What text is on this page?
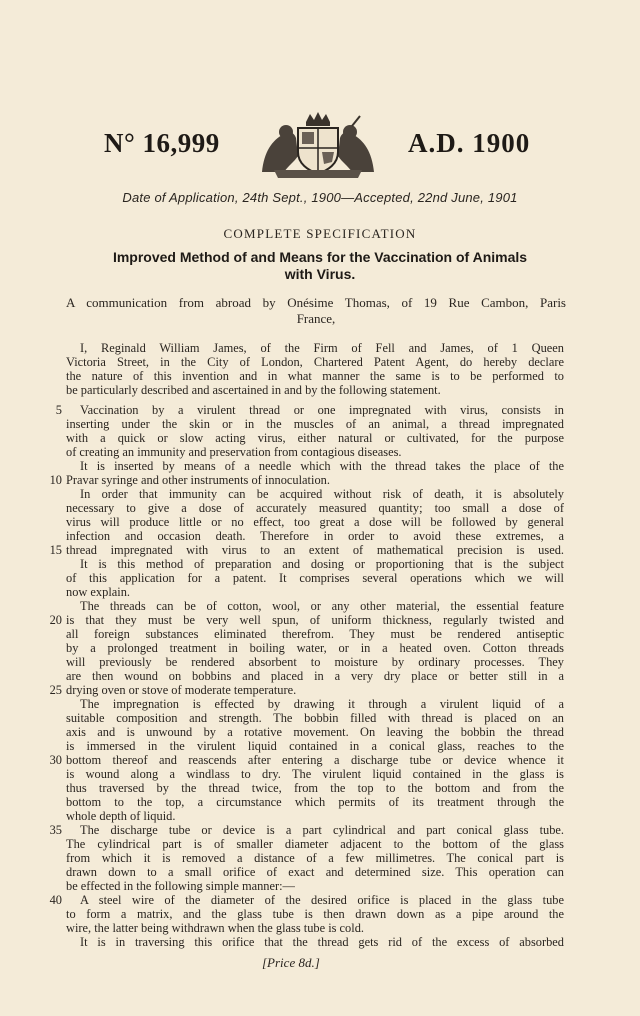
N° 16,999	A.D. 1900
Date of Application, 24th Sept., 1900—Accepted, 22nd June, 1901
COMPLETE SPECIFICATION
Improved Method of and Means for the Vaccination of Animals
with Virus.
A communication from abroad by Onésime Thomas, of 19 Rue Cambon, Paris
France,
I, Reginald William James, of the Firm of Fell and James, of 1 Queen
Victoria Street, in the City of London, Chartered Patent Agent, do hereby declare
the nature of this invention and in what manner the same is to be performed to
be particularly described and ascertained in and by the following statement.
5 Vaccination by a virulent thread or one impregnated with virus, consists in
inserting under the skin or in the muscles of an animal, a thread impregnated
with a quick or slow acting virus, either natural or cultivated, for the purpose
of creating an immunity and preservation from contagious diseases.
It is inserted by means of a needle which with the thread takes the place of the
10 Pravar syringe and other instruments of innoculation.
In order that immunity can be acquired without risk of death, it is absolutely
necessary to give a dose of accurately measured quantity; too small a dose of
virus will produce little or no effect, too great a dose will be followed by general
infection and occasion death. Therefore in order to avoid these extremes, a
15 thread impregnated with virus to an extent of mathematical precision is used.
It is this method of preparation and dosing or proportioning that is the subject
of this application for a patent. It comprises several operations which we will
now explain.
The threads can be of cotton, wool, or any other material, the essential feature
20 is that they must be very well spun, of uniform thickness, regularly twisted and
all foreign substances eliminated therefrom. They must be rendered antiseptic
by a prolonged treatment in boiling water, or in a heated oven. Cotton threads
will previously be rendered absorbent to moisture by ordinary processes. They
are then wound on bobbins and placed in a very dry place or better still in a
25 drying oven or stove of moderate temperature.
The impregnation is effected by drawing it through a virulent liquid of a
suitable composition and strength. The bobbin filled with thread is placed on an
axis and is unwound by a rotative movement. On leaving the bobbin the thread
is immersed in the virulent liquid contained in a conical glass, reaches to the
30 bottom thereof and reascends after entering a discharge tube or device whence it
is wound along a windlass to dry. The virulent liquid contained in the glass is
thus traversed by the thread twice, from the top to the bottom and from the
bottom to the top, a circumstance which permits of its treatment through the
whole depth of liquid.
35 The discharge tube or device is a part cylindrical and part conical glass tube.
The cylindrical part is of smaller diameter adjacent to the bottom of the glass
from which it is removed a distance of a few millimetres. The conical part is
drawn down to a small orifice of exact and determined size. This operation can
be effected in the following simple manner:—
40 A steel wire of the diameter of the desired orifice is placed in the glass tube
to form a matrix, and the glass tube is then drawn down as a pipe around the
wire, the latter being withdrawn when the glass tube is cold.
It is in traversing this orifice that the thread gets rid of the excess of absorbed
[Price 8d.]
